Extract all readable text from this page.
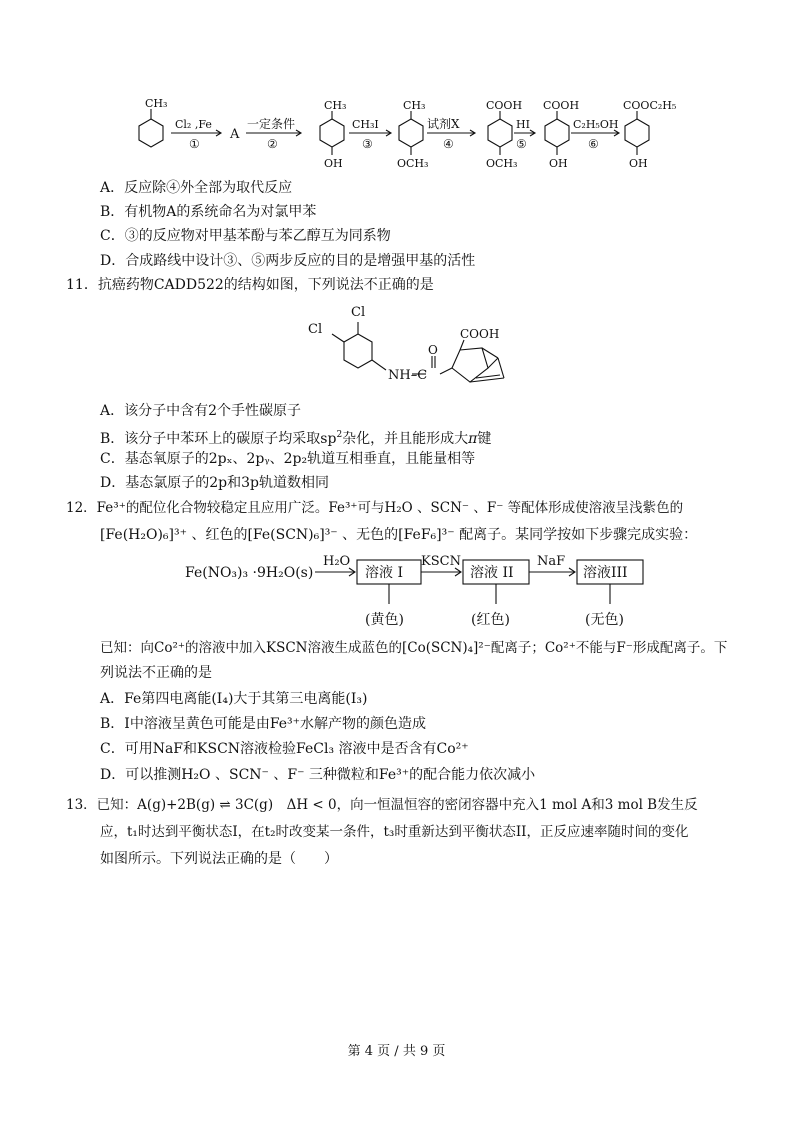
CH₃
Cl₂ ,Fe
①
A
一定条件
②
CH₃
OH
CH₃I
③
CH₃
OCH₃
试剂X
④
COOH
OCH₃
HI
⑤
COOH
OH
C₂H₅OH
⑥
COOC₂H₅
OH
A．反应除④外全部为取代反应
B．有机物A的系统命名为对氯甲苯
C．③的反应物对甲基苯酚与苯乙醇互为同系物
D．合成路线中设计③、⑤两步反应的目的是增强甲基的活性
11．抗癌药物CADD522的结构如图，下列说法不正确的是
Cl
Cl
O
COOH
NH–C
A．该分子中含有2个手性碳原子
B．该分子中苯环上的碳原子均采取$sp^2$杂化，并且能形成大π键
C．基态氧原子的2pₓ、2pᵧ、2p₂轨道互相垂直，且能量相等
D．基态氯原子的2p和3p轨道数相同
12．Fe³⁺的配位化合物较稳定且应用广泛。Fe³⁺可与H₂O 、SCN⁻ 、F⁻ 等配体形成使溶液呈浅紫色的
[Fe(H₂O)₆]³⁺ 、红色的[Fe(SCN)₆]³⁻ 、无色的[FeF₆]³⁻ 配离子。某同学按如下步骤完成实验：
Fe(NO₃)₃ ·9H₂O(s)
H₂O
溶液 I
KSCN
溶液 II
NaF
溶液III
(黄色)	(红色)	(无色)
已知：向Co²⁺的溶液中加入KSCN溶液生成蓝色的[Co(SCN)₄]²⁻配离子；Co²⁺不能与F⁻形成配离子。下
列说法不正确的是
A．Fe第四电离能(I₄)大于其第三电离能(I₃)
B．I中溶液呈黄色可能是由Fe³⁺水解产物的颜色造成
C．可用NaF和KSCN溶液检验FeCl₃ 溶液中是否含有Co²⁺
D．可以推测H₂O 、SCN⁻ 、F⁻ 三种微粒和Fe³⁺的配合能力依次减小
13．已知：A(g)+2B(g) ⇌ 3C(g)　ΔH < 0，向一恒温恒容的密闭容器中充入1 mol A和3 mol B发生反
应，t₁时达到平衡状态I，在t₂时改变某一条件，t₃时重新达到平衡状态II，正反应速率随时间的变化
如图所示。下列说法正确的是（　　）
第 4 页 / 共 9 页
